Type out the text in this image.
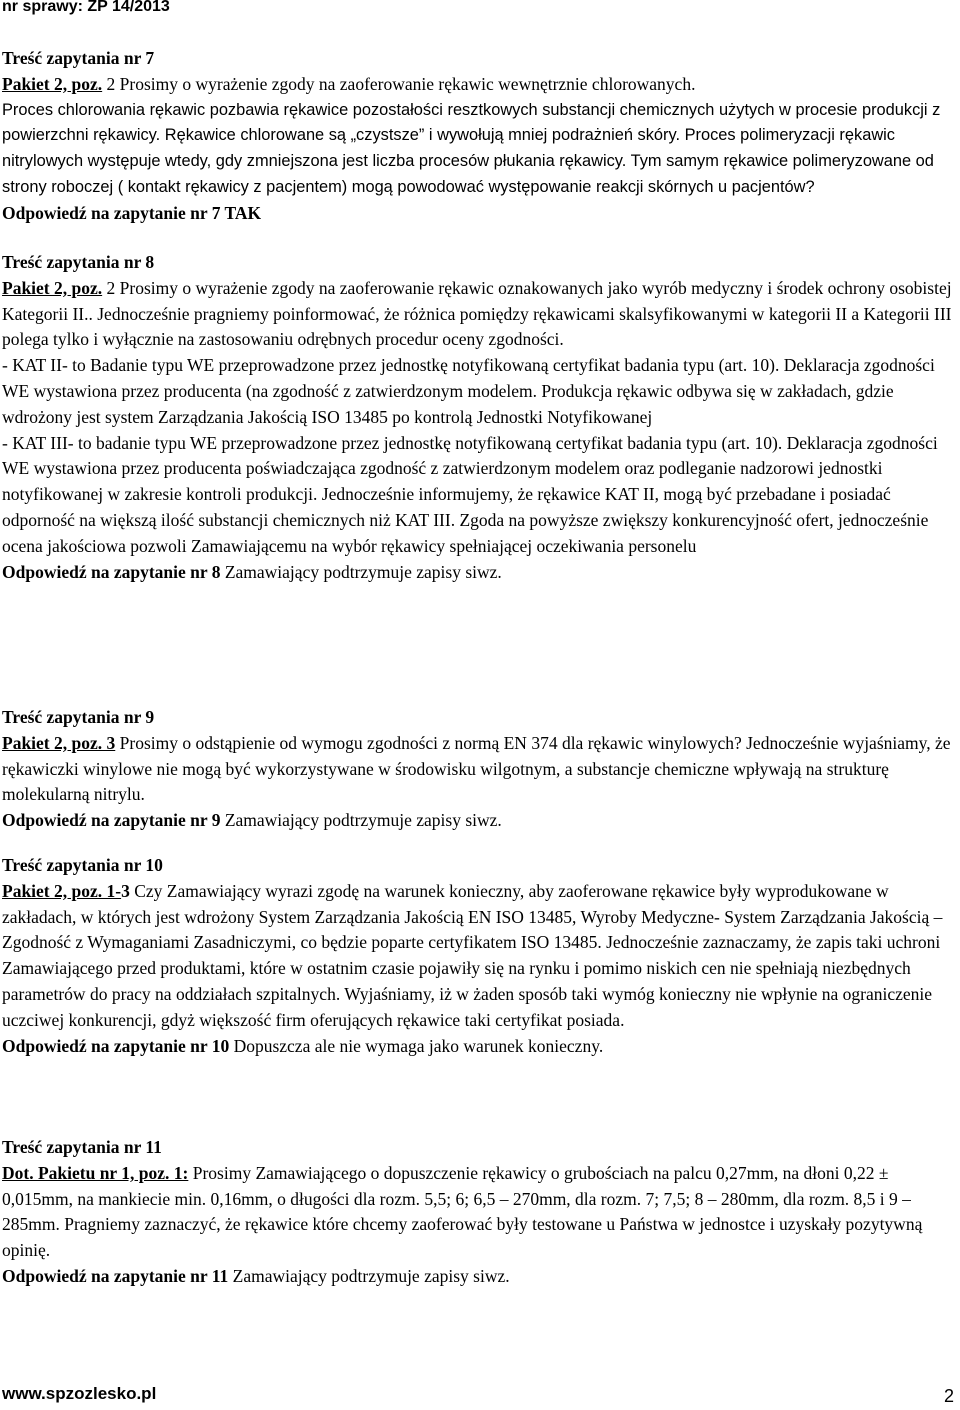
nr sprawy: ZP 14/2013

Treść zapytania nr 7

Pakiet 2, poz. 2 Prosimy o wyrażenie zgody na zaoferowanie rękawic wewnętrznie chlorowanych.

Proces chlorowania rękawic pozbawia rękawice pozostałości resztkowych substancji chemicznych użytych w procesie produkcji z powierzchni rękawicy. Rękawice chlorowane są „czystsze” i wywołują mniej podrażnień skóry. Proces polimeryzacji rękawic nitrylowych występuje wtedy, gdy zmniejszona jest liczba procesów płukania rękawicy. Tym samym rękawice polimeryzowane od strony roboczej ( kontakt rękawicy z pacjentem) mogą powodować występowanie reakcji skórnych u pacjentów?

Odpowiedź na zapytanie nr 7 TAK

Treść zapytania nr 8

Pakiet 2, poz. 2 Prosimy o wyrażenie zgody na zaoferowanie rękawic oznakowanych jako wyrób medyczny i środek ochrony osobistej Kategorii II.. Jednocześnie pragniemy poinformować, że różnica pomiędzy rękawicami skalsyfikowanymi w kategorii II a Kategorii III polega tylko i wyłącznie na zastosowaniu odrębnych procedur oceny zgodności.

- KAT II- to Badanie typu WE przeprowadzone przez jednostkę notyfikowaną certyfikat badania typu (art. 10). Deklaracja zgodności WE wystawiona przez producenta (na zgodność z zatwierdzonym modelem. Produkcja rękawic odbywa się w zakładach, gdzie wdrożony jest system Zarządzania Jakością ISO 13485 po kontrolą Jednostki Notyfikowanej

- KAT III- to badanie typu WE przeprowadzone przez jednostkę notyfikowaną certyfikat badania typu (art. 10). Deklaracja zgodności WE wystawiona przez producenta poświadczająca zgodność z zatwierdzonym modelem oraz podleganie nadzorowi jednostki notyfikowanej w zakresie kontroli produkcji. Jednocześnie informujemy, że rękawice KAT II, mogą być przebadane i posiadać odporność na większą ilość substancji chemicznych niż KAT III. Zgoda na powyższe zwiększy konkurencyjność ofert, jednocześnie ocena jakościowa pozwoli Zamawiającemu na wybór rękawicy spełniającej oczekiwania personelu

Odpowiedź na zapytanie nr 8 Zamawiający podtrzymuje zapisy siwz.

Treść zapytania nr 9

Pakiet 2, poz. 3 Prosimy o odstąpienie od wymogu zgodności z normą EN 374 dla rękawic winylowych? Jednocześnie wyjaśniamy, że rękawiczki winylowe nie mogą być wykorzystywane w środowisku wilgotnym, a substancje chemiczne wpływają na strukturę molekularną nitrylu.

Odpowiedź na zapytanie nr 9 Zamawiający podtrzymuje zapisy siwz.

Treść zapytania nr 10

Pakiet 2, poz. 1-3 Czy Zamawiający wyrazi zgodę na warunek konieczny, aby zaoferowane rękawice były wyprodukowane w zakładach, w których jest wdrożony System Zarządzania Jakością EN ISO 13485, Wyroby Medyczne- System Zarządzania Jakością – Zgodność z Wymaganiami Zasadniczymi, co będzie poparte certyfikatem ISO 13485. Jednocześnie zaznaczamy, że zapis taki uchroni Zamawiającego przed produktami, które w ostatnim czasie pojawiły się na rynku i pomimo niskich cen nie spełniają niezbędnych parametrów do pracy na oddziałach szpitalnych. Wyjaśniamy, iż w żaden sposób taki wymóg konieczny nie wpłynie na ograniczenie uczciwej konkurencji, gdyż większość firm oferujących rękawice taki certyfikat posiada.

Odpowiedź na zapytanie nr 10 Dopuszcza ale nie wymaga jako warunek konieczny.

Treść zapytania nr 11

Dot. Pakietu nr 1, poz. 1: Prosimy Zamawiającego o dopuszczenie rękawicy o grubościach na palcu 0,27mm, na dłoni 0,22 ± 0,015mm, na mankiecie min. 0,16mm, o długości dla rozm. 5,5; 6; 6,5 – 270mm, dla rozm. 7; 7,5; 8 – 280mm, dla rozm. 8,5 i 9 – 285mm. Pragniemy zaznaczyć, że rękawice które chcemy zaoferować były testowane u Państwa w jednostce i uzyskały pozytywną opinię.

Odpowiedź na zapytanie nr 11 Zamawiający podtrzymuje zapisy siwz.

www.spzozlesko.pl	2
